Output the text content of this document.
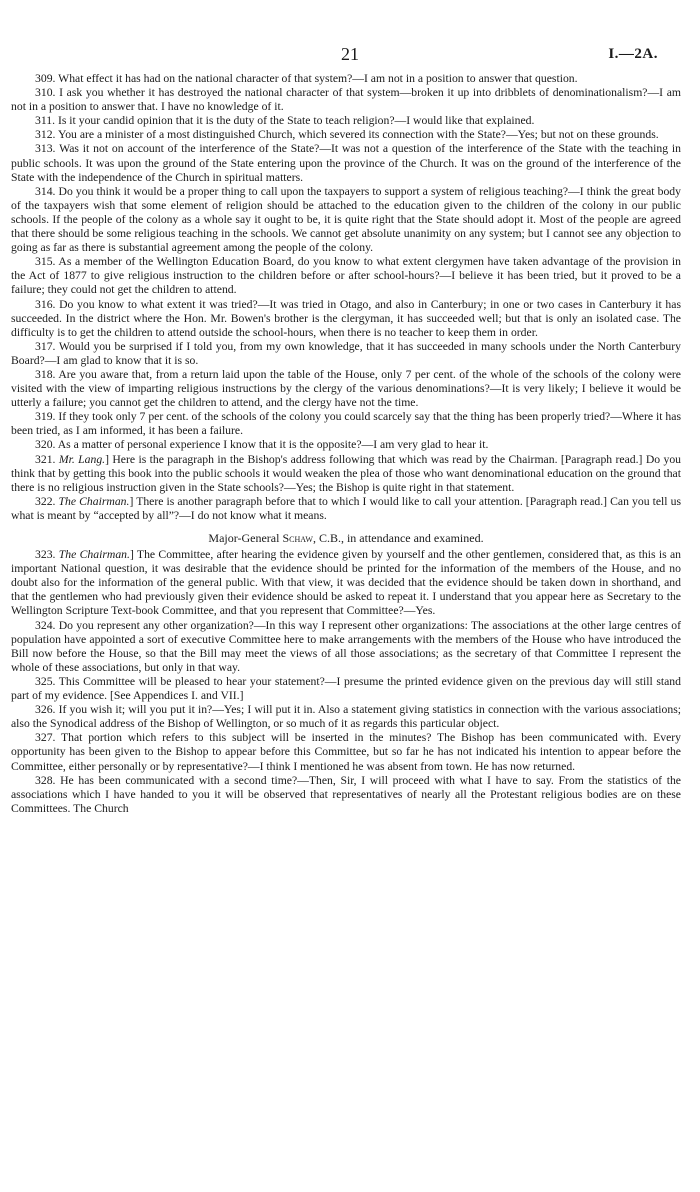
21	I.—2A.

309. What effect it has had on the national character of that system?—I am not in a position to answer that question.

310. I ask you whether it has destroyed the national character of that system—broken it up into dribblets of denominationalism?—I am not in a position to answer that. I have no knowledge of it.

311. Is it your candid opinion that it is the duty of the State to teach religion?—I would like that explained.

312. You are a minister of a most distinguished Church, which severed its connection with the State?—Yes; but not on these grounds.

313. Was it not on account of the interference of the State?—It was not a question of the interference of the State with the teaching in public schools. It was upon the ground of the State entering upon the province of the Church. It was on the ground of the interference of the State with the independence of the Church in spiritual matters.

314. Do you think it would be a proper thing to call upon the taxpayers to support a system of religious teaching?—I think the great body of the taxpayers wish that some element of religion should be attached to the education given to the children of the colony in our public schools. If the people of the colony as a whole say it ought to be, it is quite right that the State should adopt it. Most of the people are agreed that there should be some religious teaching in the schools. We cannot get absolute unanimity on any system; but I cannot see any objection to going as far as there is substantial agreement among the people of the colony.

315. As a member of the Wellington Education Board, do you know to what extent clergymen have taken advantage of the provision in the Act of 1877 to give religious instruction to the children before or after school-hours?—I believe it has been tried, but it proved to be a failure; they could not get the children to attend.

316. Do you know to what extent it was tried?—It was tried in Otago, and also in Canterbury; in one or two cases in Canterbury it has succeeded. In the district where the Hon. Mr. Bowen's brother is the clergyman, it has succeeded well; but that is only an isolated case. The difficulty is to get the children to attend outside the school-hours, when there is no teacher to keep them in order.

317. Would you be surprised if I told you, from my own knowledge, that it has succeeded in many schools under the North Canterbury Board?—I am glad to know that it is so.

318. Are you aware that, from a return laid upon the table of the House, only 7 per cent. of the whole of the schools of the colony were visited with the view of imparting religious instructions by the clergy of the various denominations?—It is very likely; I believe it would be utterly a failure; you cannot get the children to attend, and the clergy have not the time.

319. If they took only 7 per cent. of the schools of the colony you could scarcely say that the thing has been properly tried?—Where it has been tried, as I am informed, it has been a failure.

320. As a matter of personal experience I know that it is the opposite?—I am very glad to hear it.

321. Mr. Lang.] Here is the paragraph in the Bishop's address following that which was read by the Chairman. [Paragraph read.] Do you think that by getting this book into the public schools it would weaken the plea of those who want denominational education on the ground that there is no religious instruction given in the State schools?—Yes; the Bishop is quite right in that statement.

322. The Chairman.] There is another paragraph before that to which I would like to call your attention. [Paragraph read.] Can you tell us what is meant by “accepted by all”?—I do not know what it means.

Major-General Schaw, C.B., in attendance and examined.

323. The Chairman.] The Committee, after hearing the evidence given by yourself and the other gentlemen, considered that, as this is an important National question, it was desirable that the evidence should be printed for the information of the members of the House, and no doubt also for the information of the general public. With that view, it was decided that the evidence should be taken down in shorthand, and that the gentlemen who had previously given their evidence should be asked to repeat it. I understand that you appear here as Secretary to the Wellington Scripture Text-book Committee, and that you represent that Committee?—Yes.

324. Do you represent any other organization?—In this way I represent other organizations: The associations at the other large centres of population have appointed a sort of executive Committee here to make arrangements with the members of the House who have introduced the Bill now before the House, so that the Bill may meet the views of all those associations; as the secretary of that Committee I represent the whole of these associations, but only in that way.

325. This Committee will be pleased to hear your statement?—I presume the printed evidence given on the previous day will still stand part of my evidence. [See Appendices I. and VII.]

326. If you wish it; will you put it in?—Yes; I will put it in. Also a statement giving statistics in connection with the various associations; also the Synodical address of the Bishop of Wellington, or so much of it as regards this particular object.

327. That portion which refers to this subject will be inserted in the minutes? The Bishop has been communicated with. Every opportunity has been given to the Bishop to appear before this Committee, but so far he has not indicated his intention to appear before the Committee, either personally or by representative?—I think I mentioned he was absent from town. He has now returned.

328. He has been communicated with a second time?—Then, Sir, I will proceed with what I have to say. From the statistics of the associations which I have handed to you it will be observed that representatives of nearly all the Protestant religious bodies are on these Committees. The Church
